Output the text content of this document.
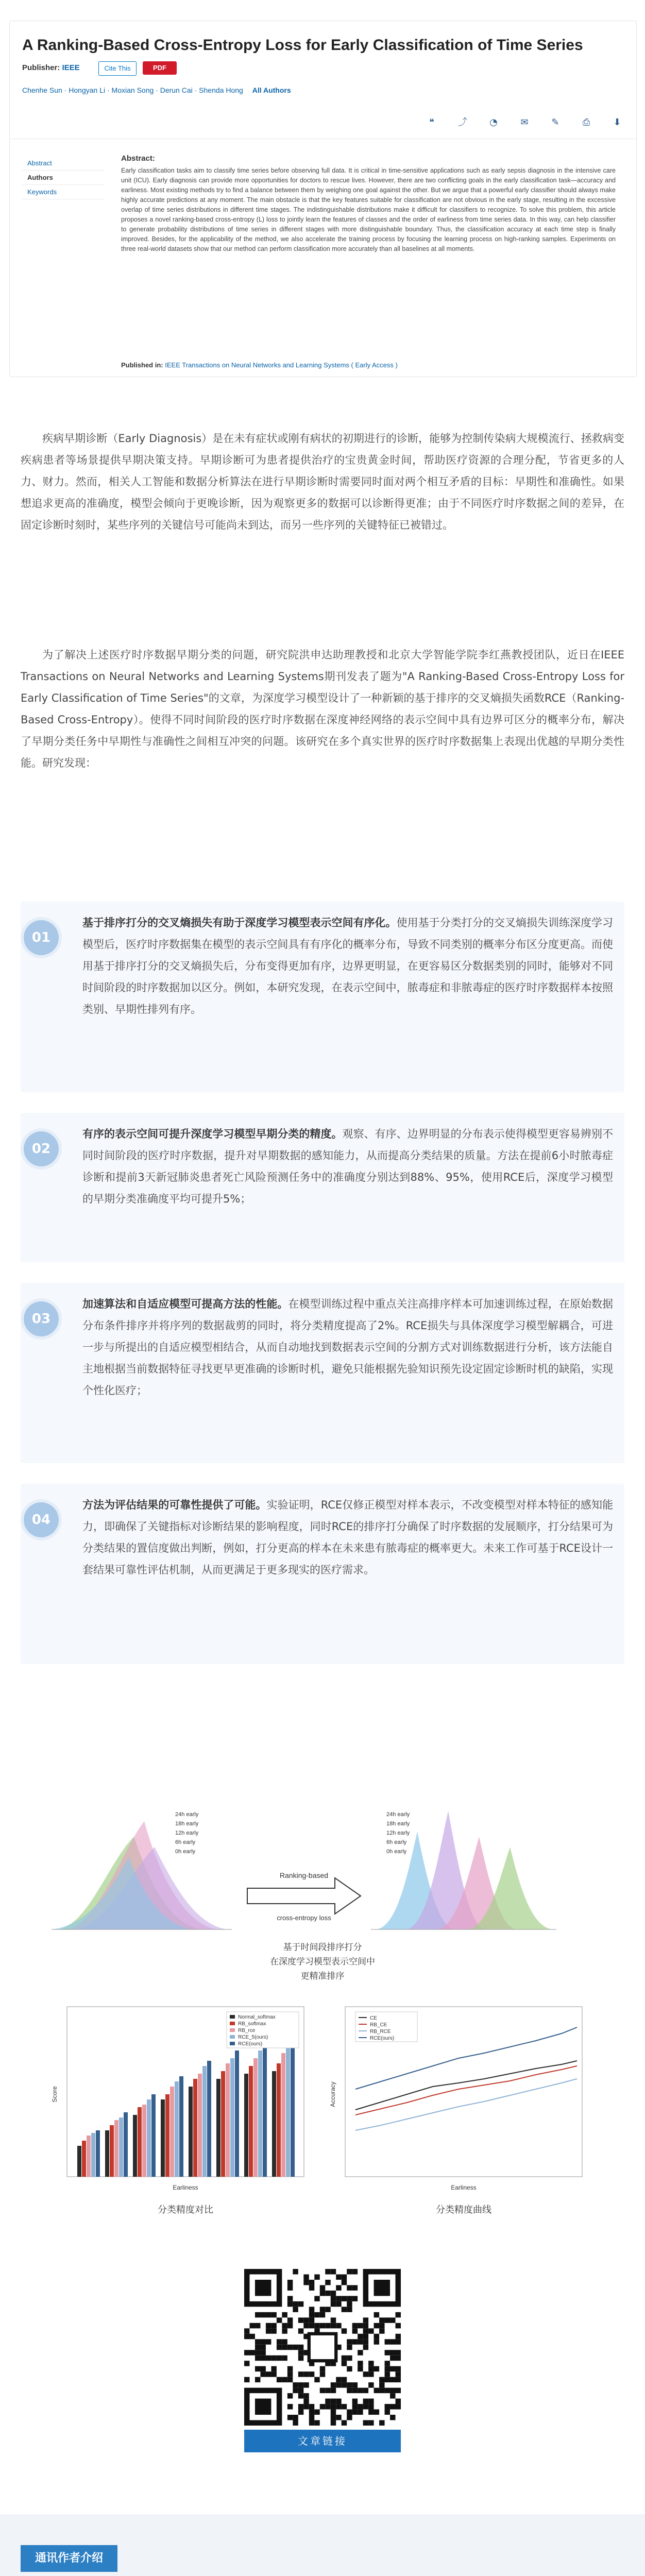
A Ranking-Based Cross-Entropy Loss for Early Classification of Time Series
Publisher: IEEE	Cite This	PDF
Chenhe Sun · Hongyan Li · Moxian Song · Derun Cai · Shenda Hong All Authors
❝	⤴ ◔ ✉ ✎	⎙	⬇
Abstract
Authors
Keywords
Abstract:
Early classification tasks aim to classify time series before observing full data. It is critical in time-sensitive applications such as early sepsis diagnosis in the intensive care unit (ICU). Early diagnosis can provide more opportunities for doctors to rescue lives. However, there are two conflicting goals in the early classification task—accuracy and earliness. Most existing methods try to find a balance between them by weighing one goal against the other. But we argue that a powerful early classifier should always make highly accurate predictions at any moment. The main obstacle is that the key features suitable for classification are not obvious in the early stage, resulting in the excessive overlap of time series distributions in different time stages. The indistinguishable distributions make it difficult for classifiers to recognize. To solve this problem, this article proposes a novel ranking-based cross-entropy (L) loss to jointly learn the features of classes and the order of earliness from time series data. In this way, can help classifier to generate probability distributions of time series in different stages with more distinguishable boundary. Thus, the classification accuracy at each time step is finally improved. Besides, for the applicability of the method, we also accelerate the training process by focusing the learning process on high-ranking samples. Experiments on three real-world datasets show that our method can perform classification more accurately than all baselines at all moments.
Published in: IEEE Transactions on Neural Networks and Learning Systems ( Early Access )
疾病早期诊断（Early Diagnosis）是在未有症状或刚有病状的初期进行的诊断，能够为控制传染病大规模流行、拯救病变疾病患者等场景提供早期决策支持。早期诊断可为患者提供治疗的宝贵黄金时间，帮助医疗资源的合理分配，节省更多的人力、财力。然而，相关人工智能和数据分析算法在进行早期诊断时需要同时面对两个相互矛盾的目标：早期性和准确性。如果想追求更高的准确度，模型会倾向于更晚诊断，因为观察更多的数据可以诊断得更准；由于不同医疗时序数据之间的差异，在固定诊断时刻时，某些序列的关键信号可能尚未到达，而另一些序列的关键特征已被错过。
为了解决上述医疗时序数据早期分类的问题，研究院洪申达助理教授和北京大学智能学院李红燕教授团队，近日在IEEE Transactions on Neural Networks and Learning Systems期刊发表了题为"A Ranking-Based Cross-Entropy Loss for Early Classification of Time Series"的文章，为深度学习模型设计了一种新颖的基于排序的交叉熵损失函数RCE（Ranking-Based Cross-Entropy）。使得不同时间阶段的医疗时序数据在深度神经网络的表示空间中具有边界可区分的概率分布，解决了早期分类任务中早期性与准确性之间相互冲突的问题。该研究在多个真实世界的医疗时序数据集上表现出优越的早期分类性能。研究发现：
01
基于排序打分的交叉熵损失有助于深度学习模型表示空间有序化。使用基于分类打分的交叉熵损失训练深度学习模型后，医疗时序数据集在模型的表示空间具有有序化的概率分布，导致不同类别的概率分布区分度更高。而使用基于排序打分的交叉熵损失后，分布变得更加有序，边界更明显，在更容易区分数据类别的同时，能够对不同时间阶段的时序数据加以区分。例如，本研究发现，在表示空间中，脓毒症和非脓毒症的医疗时序数据样本按照类别、早期性排列有序。
02
有序的表示空间可提升深度学习模型早期分类的精度。观察、有序、边界明显的分布表示使得模型更容易辨别不同时间阶段的医疗时序数据，提升对早期数据的感知能力，从而提高分类结果的质量。方法在提前6小时脓毒症诊断和提前3天新冠肺炎患者死亡风险预测任务中的准确度分别达到88%、95%，使用RCE后，深度学习模型的早期分类准确度平均可提升5%；
03
加速算法和自适应模型可提高方法的性能。在模型训练过程中重点关注高排序样本可加速训练过程，在原始数据分布条件排序并将序列的数据裁剪的同时，将分类精度提高了2%。RCE损失与具体深度学习模型解耦合，可进一步与所提出的自适应模型相结合，从而自动地找到数据表示空间的分割方式对训练数据进行分析，该方法能自主地根据当前数据特征寻找更早更准确的诊断时机，避免只能根据先验知识预先设定固定诊断时机的缺陷，实现个性化医疗；
04
方法为评估结果的可靠性提供了可能。实验证明，RCE仅修正模型对样本表示，不改变模型对样本特征的感知能力，即确保了关键指标对诊断结果的影响程度，同时RCE的排序打分确保了时序数据的发展顺序，打分结果可为分类结果的置信度做出判断，例如，打分更高的样本在未来患有脓毒症的概率更大。未来工作可基于RCE设计一套结果可靠性评估机制，从而更满足于更多现实的医疗需求。
24h early
18h early
12h early
6h early
0h early
Ranking-based
cross-entropy loss
24h early
18h early
12h early
6h early
0h early
基于时间段排序打分
在深度学习模型表示空间中
更精准排序
Normal_softmax
RB_softmax
RB_rce
RCE_5(ours)
RCE(ours)
Earliness
Score
CE
RB_CE
RB_RCE
RCE(ours)
Earliness
Accuracy
分类精度对比	分类精度曲线
文章链接
通讯作者介绍
